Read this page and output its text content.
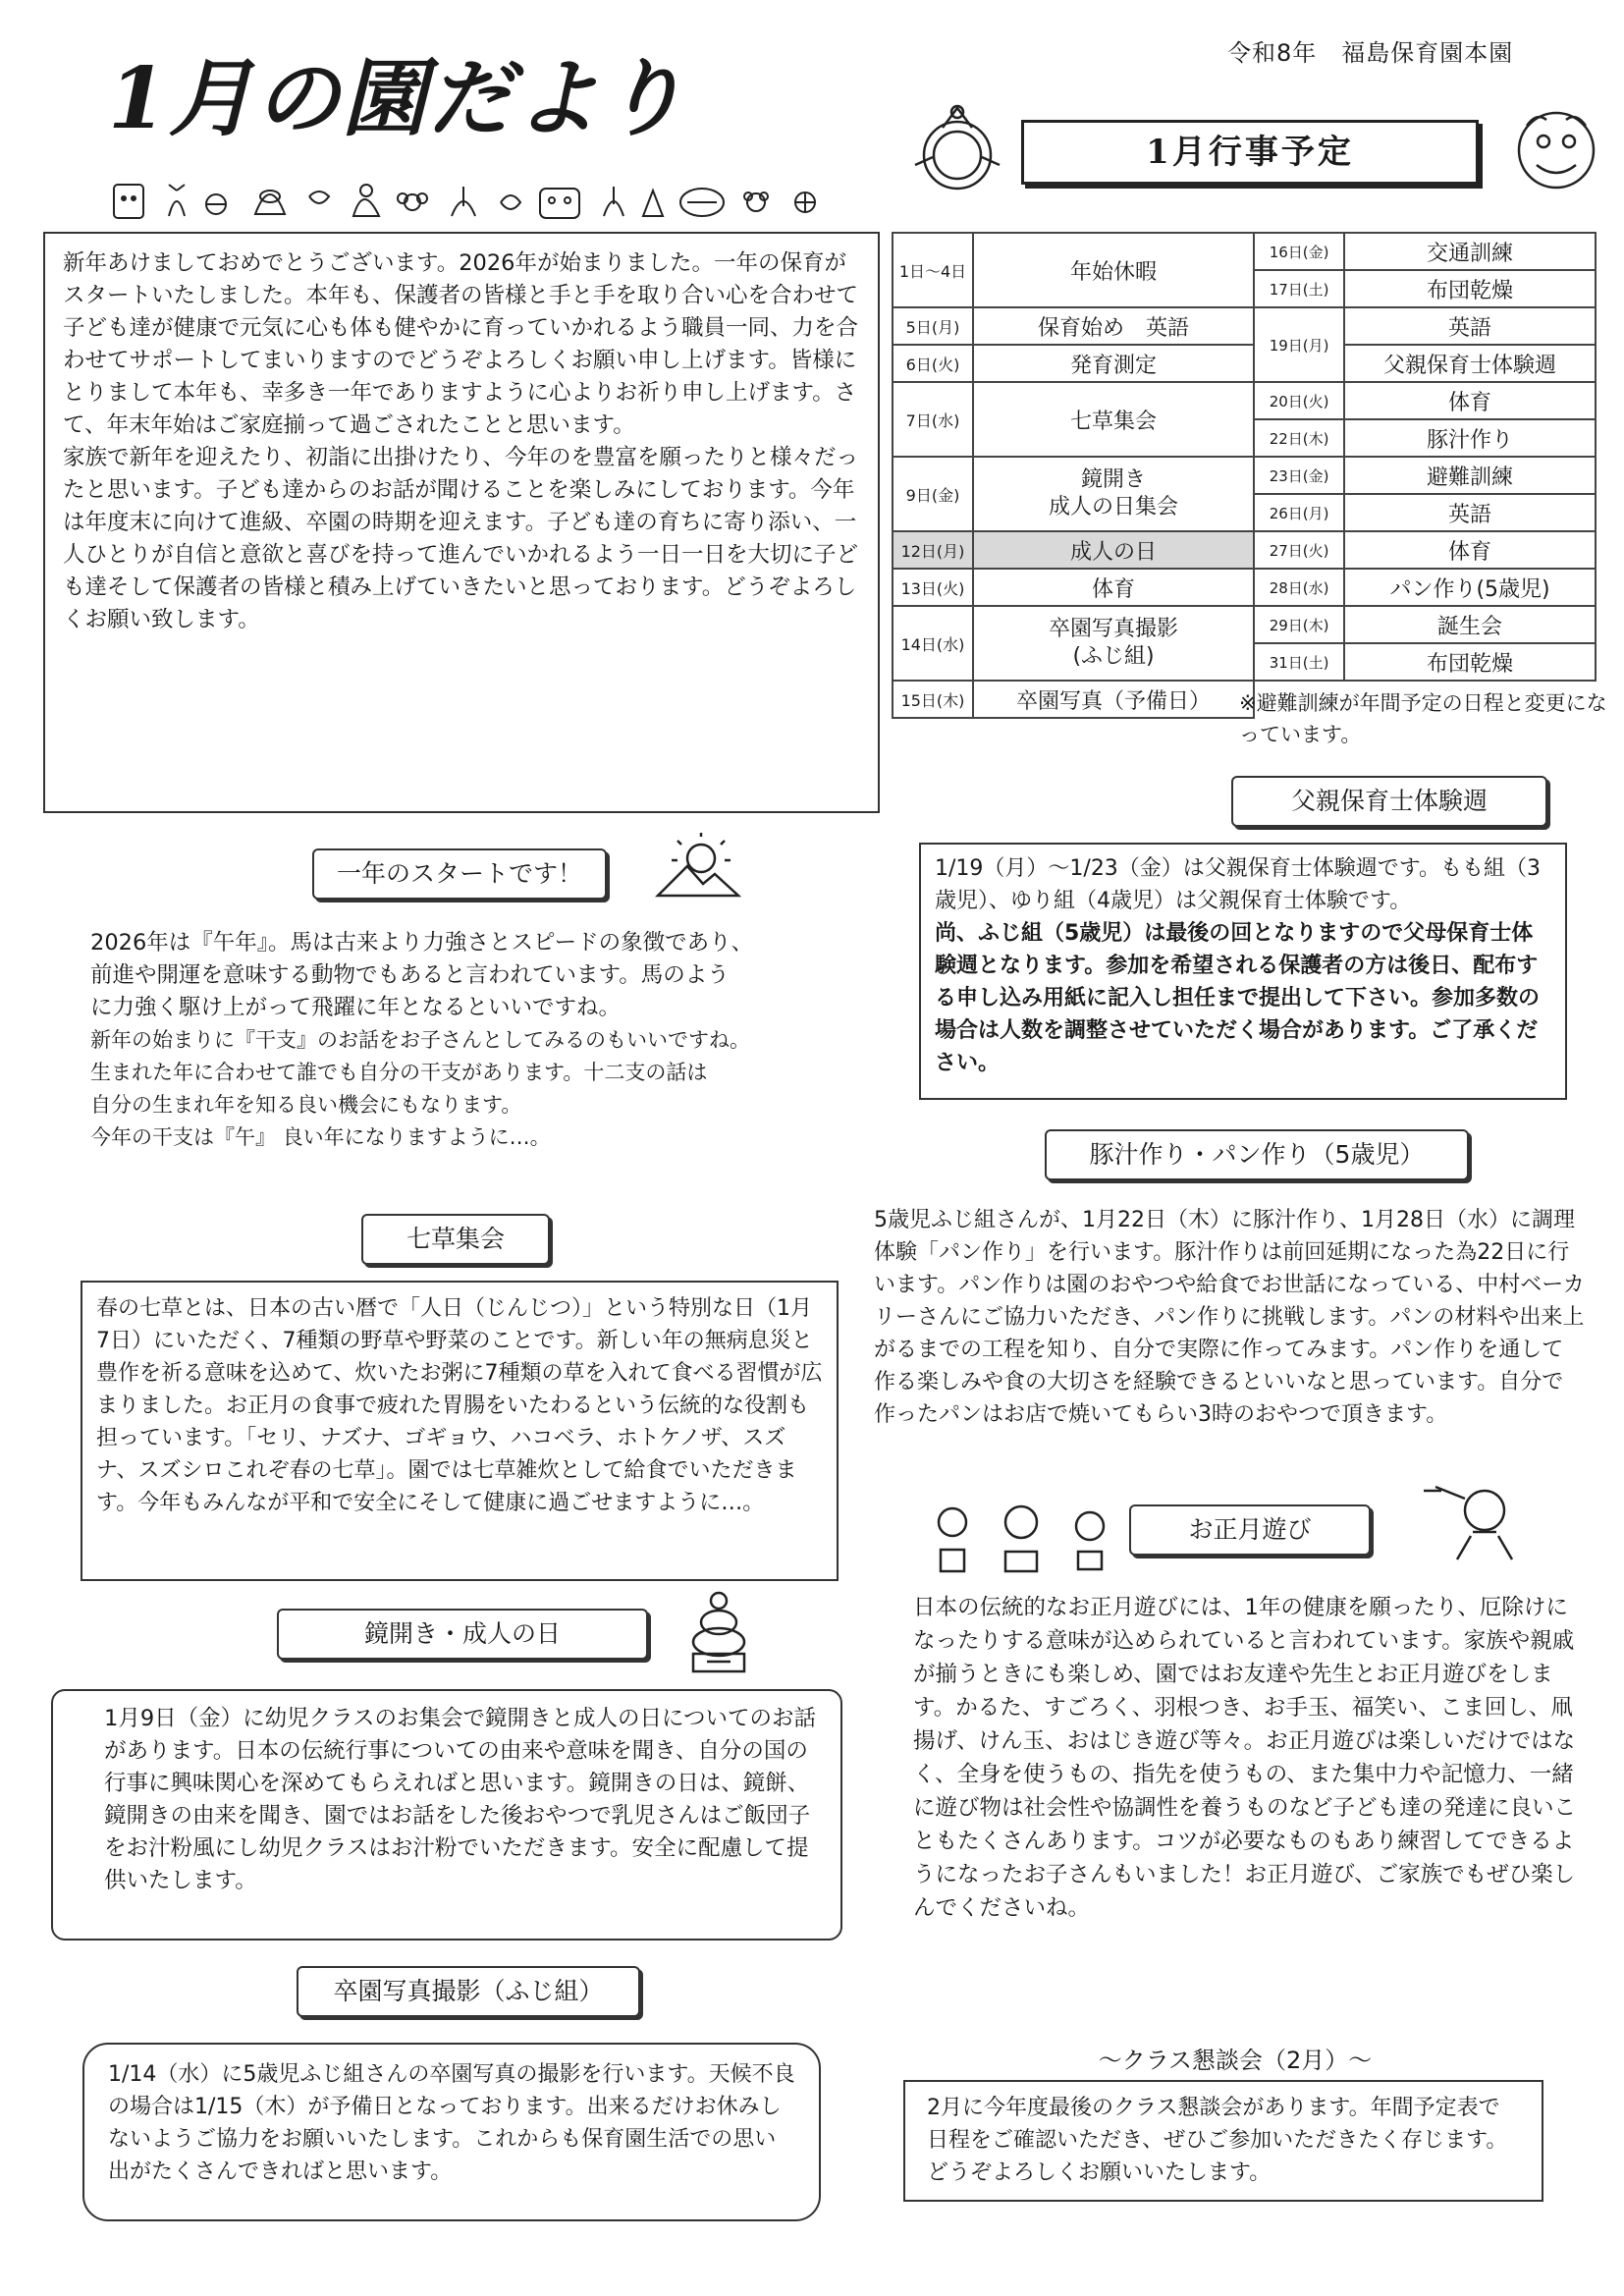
令和8年　福島保育園本園
1月の園だより
1月行事予定

新年あけましておめでとうございます。2026年が始まりました。一年の保育がスタートいたしました。本年も、保護者の皆様と手と手を取り合い心を合わせて子ども達が健康で元気に心も体も健やかに育っていかれるよう職員一同、力を合わせてサポートしてまいりますのでどうぞよろしくお願い申し上げます。皆様にとりまして本年も、幸多き一年でありますように心よりお祈り申し上げます。さて、年末年始はご家庭揃って過ごされたことと思います。

家族で新年を迎えたり、初詣に出掛けたり、今年のを豊富を願ったりと様々だったと思います。子ども達からのお話が聞けることを楽しみにしております。今年は年度末に向けて進級、卒園の時期を迎えます。子ども達の育ちに寄り添い、一人ひとりが自信と意欲と喜びを持って進んでいかれるよう一日一日を大切に子ども達そして保護者の皆様と積み上げていきたいと思っております。どうぞよろしくお願い致します。

1日～4日	年始休暇	16日(金)	交通訓練
		17日(土)	布団乾燥
5日(月)	保育始め　英語	19日(月)	英語
6日(火)	発育測定		父親保育士体験週
7日(水)	七草集会	20日(火)	体育
		22日(木)	豚汁作り
9日(金)	鏡開き
成人の日集会	23日(金)	避難訓練
		26日(月)	英語
12日(月)	成人の日	27日(火)	体育
13日(火)	体育	28日(水)	パン作り(5歳児)
14日(水)	卒園写真撮影
(ふじ組)	29日(木)	誕生会
		31日(土)	布団乾燥
15日(木)	卒園写真（予備日）		※避難訓練が年間予定の日程と変更になっています。
一年のスタートです！

2026年は『午年』。馬は古来より力強さとスピードの象徴であり、

前進や開運を意味する動物でもあると言われています。馬のよう

に力強く駆け上がって飛躍に年となるといいですね。

新年の始まりに『干支』のお話をお子さんとしてみるのもいいですね。

生まれた年に合わせて誰でも自分の干支があります。十二支の話は

自分の生まれ年を知る良い機会にもなります。

今年の干支は『午』 良い年になりますように…。

七草集会
春の七草とは、日本の古い暦で「人日（じんじつ）」という特別な日（1月7日）にいただく、7種類の野草や野菜のことです。新しい年の無病息災と豊作を祈る意味を込めて、炊いたお粥に7種類の草を入れて食べる習慣が広まりました。お正月の食事で疲れた胃腸をいたわるという伝統的な役割も担っています。「セリ、ナズナ、ゴギョウ、ハコベラ、ホトケノザ、スズナ、スズシロこれぞ春の七草」。園では七草雑炊として給食でいただきます。今年もみんなが平和で安全にそして健康に過ごせますように…。
鏡開き・成人の日
1月9日（金）に幼児クラスのお集会で鏡開きと成人の日についてのお話があります。日本の伝統行事についての由来や意味を聞き、自分の国の行事に興味関心を深めてもらえればと思います。鏡開きの日は、鏡餅、鏡開きの由来を聞き、園ではお話をした後おやつで乳児さんはご飯団子をお汁粉風にし幼児クラスはお汁粉でいただきます。安全に配慮して提供いたします。
卒園写真撮影（ふじ組）
1/14（水）に5歳児ふじ組さんの卒園写真の撮影を行います。天候不良の場合は1/15（木）が予備日となっております。出来るだけお休みしないようご協力をお願いいたします。これからも保育園生活での思い出がたくさんできればと思います。
父親保育士体験週

1/19（月）～1/23（金）は父親保育士体験週です。もも組（3歳児）、ゆり組（4歳児）は父親保育士体験です。

尚、ふじ組（5歳児）は最後の回となりますので父母保育士体験週となります。参加を希望される保護者の方は後日、配布する申し込み用紙に記入し担任まで提出して下さい。参加多数の場合は人数を調整させていただく場合があります。ご了承ください。

豚汁作り・パン作り（5歳児）
5歳児ふじ組さんが、1月22日（木）に豚汁作り、1月28日（水）に調理体験「パン作り」を行います。豚汁作りは前回延期になった為22日に行います。パン作りは園のおやつや給食でお世話になっている、中村ベーカリーさんにご協力いただき、パン作りに挑戦します。パンの材料や出来上がるまでの工程を知り、自分で実際に作ってみます。パン作りを通して作る楽しみや食の大切さを経験できるといいなと思っています。自分で作ったパンはお店で焼いてもらい3時のおやつで頂きます。
お正月遊び
日本の伝統的なお正月遊びには、1年の健康を願ったり、厄除けになったりする意味が込められていると言われています。家族や親戚が揃うときにも楽しめ、園ではお友達や先生とお正月遊びをします。かるた、すごろく、羽根つき、お手玉、福笑い、こま回し、凧揚げ、けん玉、おはじき遊び等々。お正月遊びは楽しいだけではなく、全身を使うもの、指先を使うもの、また集中力や記憶力、一緒に遊び物は社会性や協調性を養うものなど子ども達の発達に良いこともたくさんあります。コツが必要なものもあり練習してできるようになったお子さんもいました！お正月遊び、ご家族でもぜひ楽しんでくださいね。
～クラス懇談会（2月）～
2月に今年度最後のクラス懇談会があります。年間予定表で日程をご確認いただき、ぜひご参加いただきたく存じます。どうぞよろしくお願いいたします。
